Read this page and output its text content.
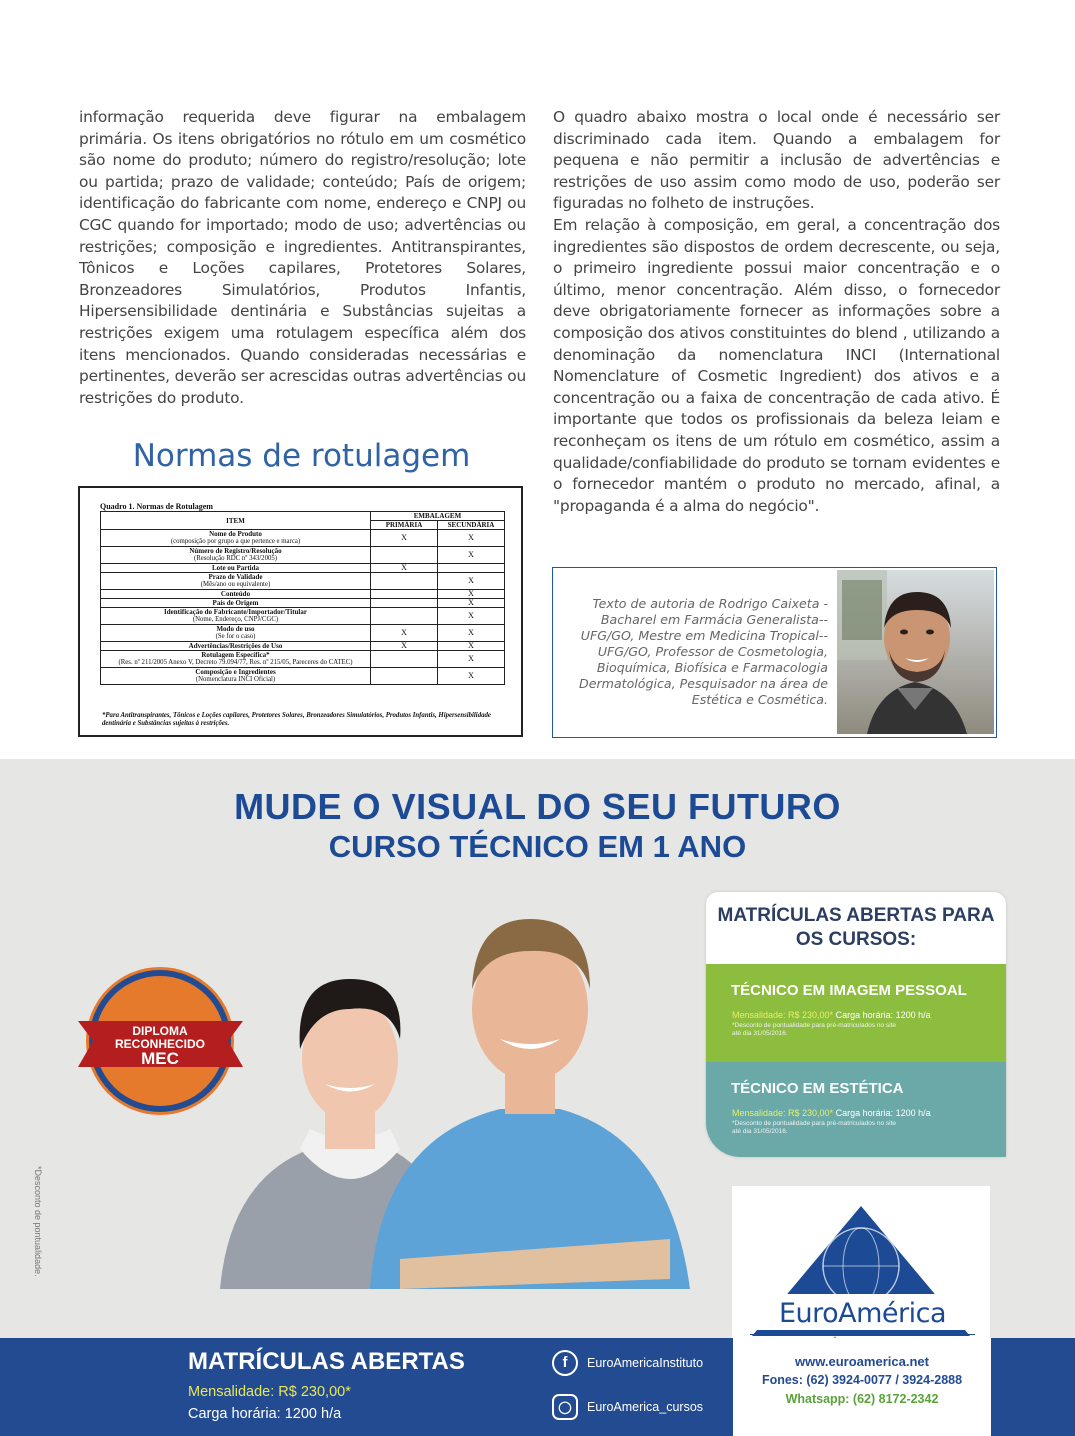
informação requerida deve figurar na embalagem primária. Os itens obrigatórios no rótulo em um cosmético são nome do produto; número do registro/resolução; lote ou partida; prazo de validade; conteúdo; País de origem; identificação do fabricante com nome, endereço e CNPJ ou CGC quando for importado; modo de uso; advertências ou restrições; composição e ingredientes. Antitranspirantes, Tônicos e Loções capilares, Protetores Solares, Bronzeadores Simulatórios, Produtos Infantis, Hipersensibilidade dentinária e Substâncias sujeitas a restrições exigem uma rotulagem específica além dos itens mencionados. Quando consideradas necessárias e pertinentes, deverão ser acrescidas outras advertências ou restrições do produto.

O quadro abaixo mostra o local onde é necessário ser discriminado cada item. Quando a embalagem for pequena e não permitir a inclusão de advertências e restrições de uso assim como modo de uso, poderão ser figuradas no folheto de instruções.

Em relação à composição, em geral, a concentração dos ingredientes são dispostos de ordem decrescente, ou seja, o primeiro ingrediente possui maior concentração e o último, menor concentração. Além disso, o fornecedor deve obrigatoriamente fornecer as informações sobre a composição dos ativos constituintes do blend , utilizando a denominação da nomenclatura INCI (International Nomenclature of Cosmetic Ingredient) dos ativos e a concentração ou a faixa de concentração de cada ativo. É importante que todos os profissionais da beleza leiam e reconheçam os itens de um rótulo em cosmético, assim a qualidade/confiabilidade do produto se tornam evidentes e o fornecedor mantém o produto no mercado, afinal, a "propaganda é a alma do negócio".

Normas de rotulagem
Quadro 1. Normas de Rotulagem
ITEM	EMBALAGEM	
	PRIMÁRIA	SECUNDÁRIA

Nome do Produto
(composição por grupo a que pertence e marca)	X	X

Número de Registro/Resolução
(Resolução RDC nº 343/2005)		X

Lote ou Partida	X	

Prazo de Validade
(Mês/ano ou equivalente)		X

Conteúdo		X

País de Origem		X

Identificação do Fabricante/Importador/Titular
(Nome, Endereço, CNPJ/CGC)		X

Modo de uso
(Se for o caso)	X	X

Advertências/Restrições de Uso	X	X

Rotulagem Específica*
(Res. nº 211/2005 Anexo V, Decreto 79.094/77, Res. nº 215/05, Pareceres do CATEC)		X

Composição e Ingredientes
(Nomenclatura INCI Oficial)		X
*Para Antitranspirantes, Tônicos e Loções capilares, Protetores Solares, Bronzeadores Simulatórios, Produtos Infantis, Hipersensibilidade dentinária e Substâncias sujeitas à restrições.
Texto de autoria de Rodrigo Caixeta - Bacharel em Farmácia Generalista--UFG/GO, Mestre em Medicina Tropical--UFG/GO, Professor de Cosmetologia, Bioquímica, Biofísica e Farmacologia Dermatológica, Pesquisador na área de Estética e Cosmética.
MUDE O VISUAL DO SEU FUTURO
CURSO TÉCNICO EM 1 ANO
*Desconto de pontualidade.
DIPLOMA
RECONHECIDO
MEC
MATRÍCULAS ABERTAS PARA OS CURSOS:
TÉCNICO EM IMAGEM PESSOAL
Mensalidade: R$ 230,00* Carga horária: 1200 h/a
*Desconto de pontualidade para pré-matriculados no site até dia 31/05/2016.
TÉCNICO EM ESTÉTICA
Mensalidade: R$ 230,00* Carga horária: 1200 h/a
*Desconto de pontualidade para pré-matriculados no site até dia 31/05/2016.
EuroAmérica
MATRÍCULAS ABERTAS
Mensalidade: R$ 230,00*
Carga horária: 1200 h/a
f	EuroAmericaInstituto
◯	EuroAmerica_cursos
www.euroamerica.net
Fones: (62) 3924-0077 / 3924-2888
Whatsapp: (62) 8172-2342
